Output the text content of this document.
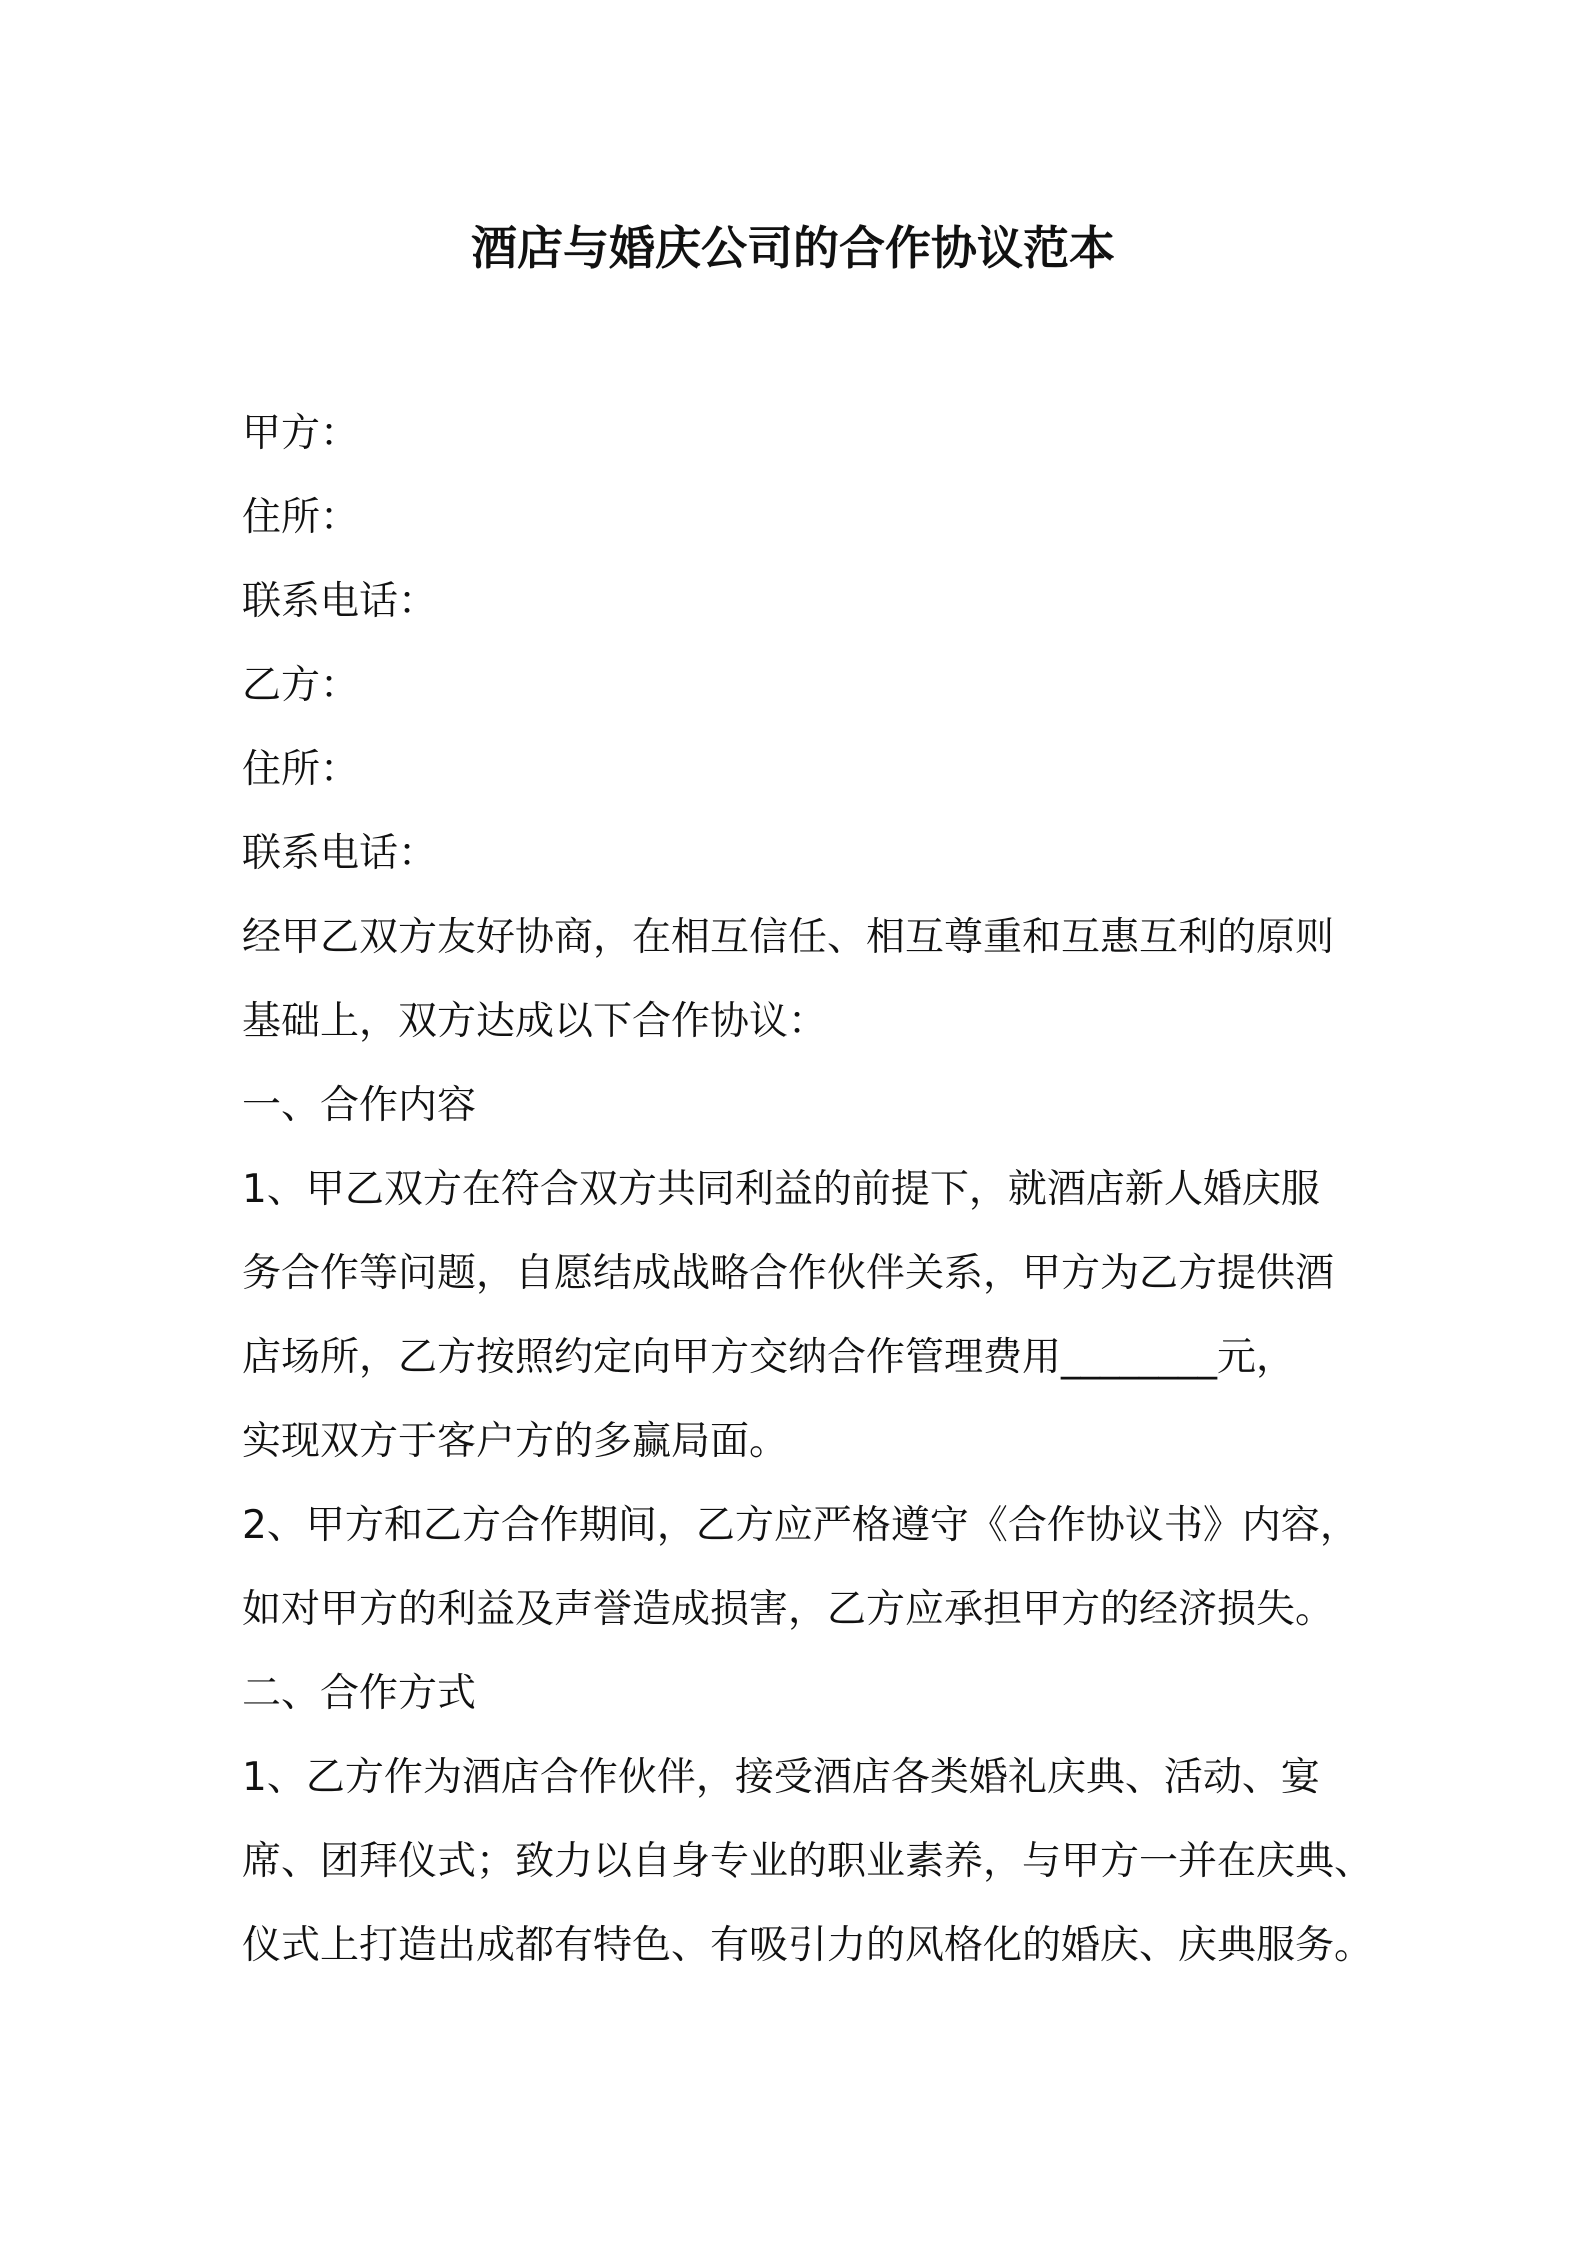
酒店与婚庆公司的合作协议范本
甲方：
住所：
联系电话：
乙方：
住所：
联系电话：
经甲乙双方友好协商，在相互信任、相互尊重和互惠互利的原则
基础上，双方达成以下合作协议：
一、合作内容
1、甲乙双方在符合双方共同利益的前提下，就酒店新人婚庆服
务合作等问题，自愿结成战略合作伙伴关系，甲方为乙方提供酒
店场所，乙方按照约定向甲方交纳合作管理费用________元，
实现双方于客户方的多赢局面。
2、甲方和乙方合作期间，乙方应严格遵守《合作协议书》内容，
如对甲方的利益及声誉造成损害，乙方应承担甲方的经济损失。
二、合作方式
1、乙方作为酒店合作伙伴，接受酒店各类婚礼庆典、活动、宴
席、团拜仪式；致力以自身专业的职业素养，与甲方一并在庆典、
仪式上打造出成都有特色、有吸引力的风格化的婚庆、庆典服务。
